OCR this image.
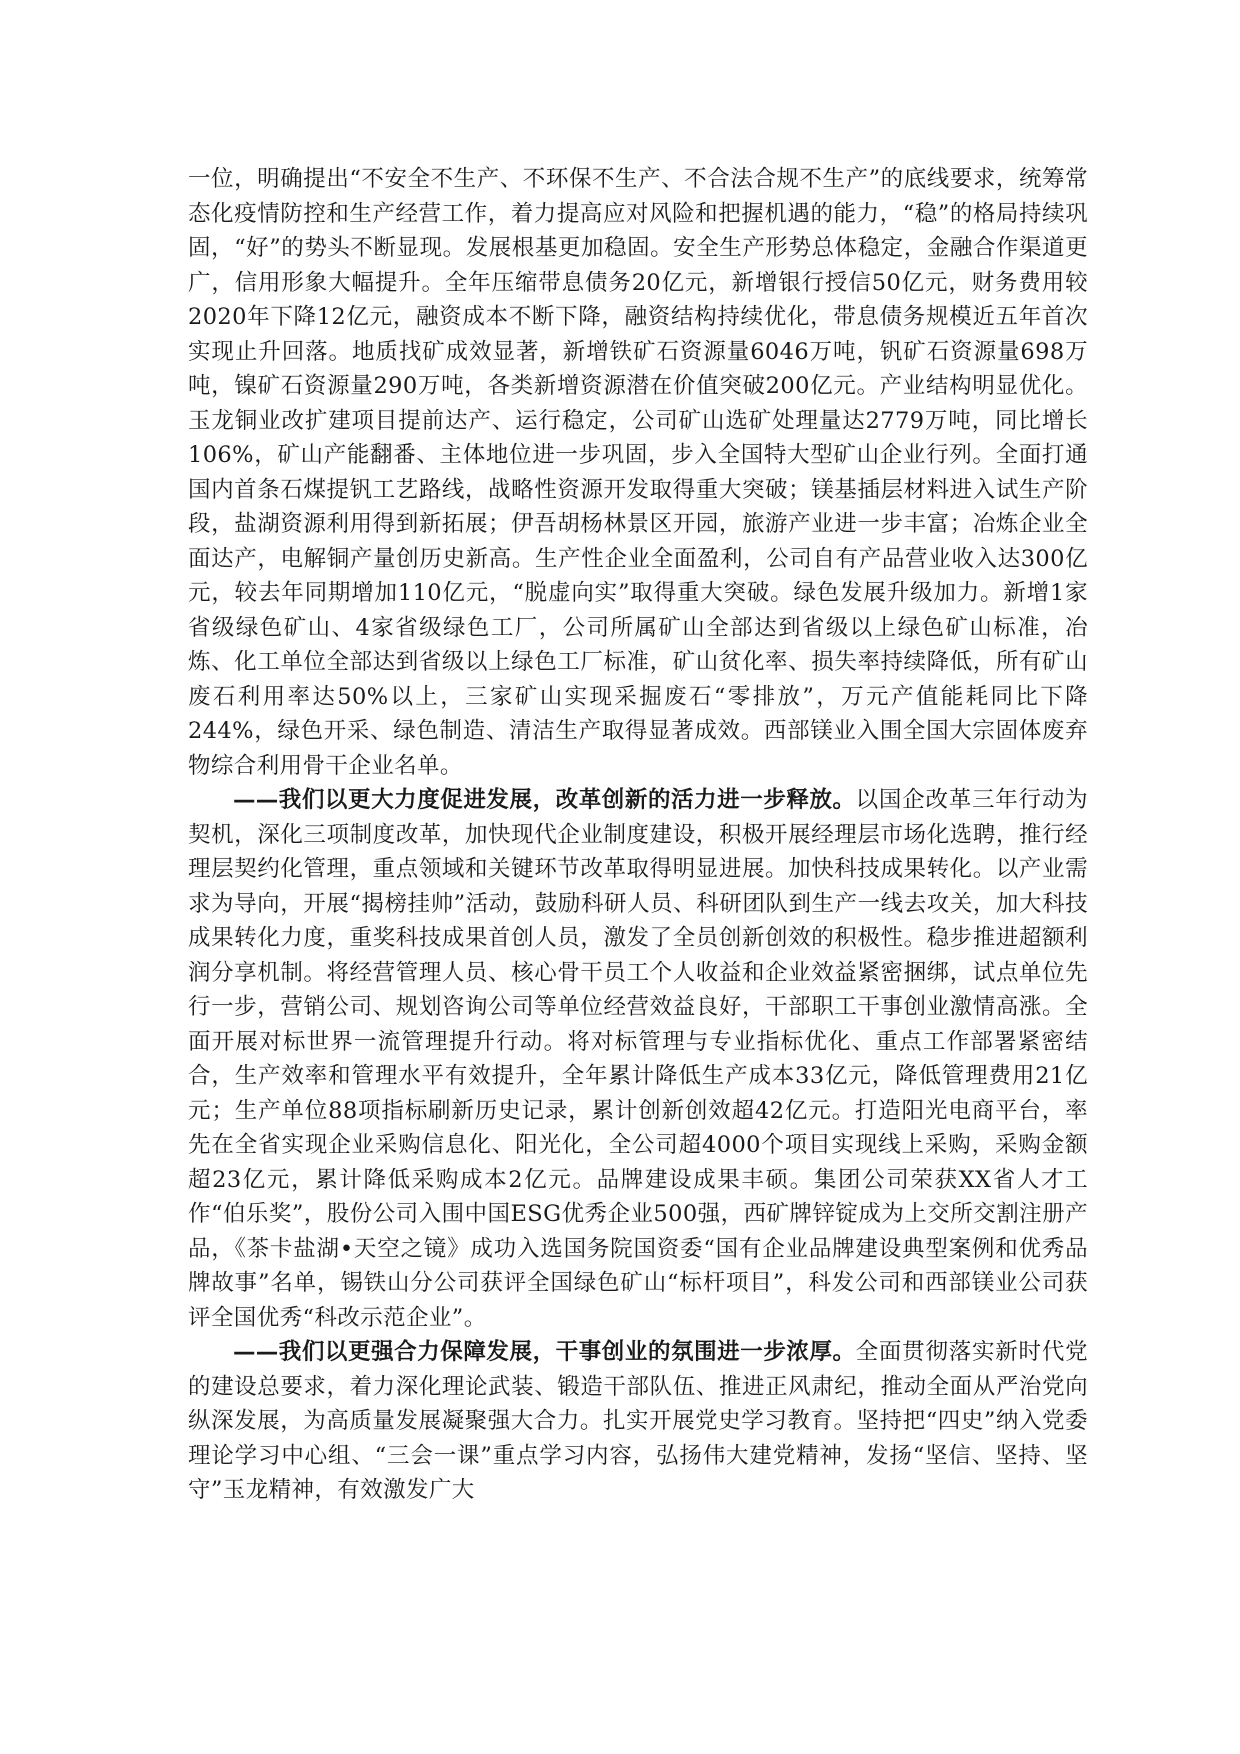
一位，明确提出“不安全不生产、不环保不生产、不合法合规不生产”的底线要求，统筹常态化疫情防控和生产经营工作，着力提高应对风险和把握机遇的能力，“稳”的格局持续巩固，“好”的势头不断显现。发展根基更加稳固。安全生产形势总体稳定，金融合作渠道更广，信用形象大幅提升。全年压缩带息债务20亿元，新增银行授信50亿元，财务费用较2020年下降12亿元，融资成本不断下降，融资结构持续优化，带息债务规模近五年首次实现止升回落。地质找矿成效显著，新增铁矿石资源量6046万吨，钒矿石资源量698万吨，镍矿石资源量290万吨，各类新增资源潜在价值突破200亿元。产业结构明显优化。玉龙铜业改扩建项目提前达产、运行稳定，公司矿山选矿处理量达2779万吨，同比增长106%，矿山产能翻番、主体地位进一步巩固，步入全国特大型矿山企业行列。全面打通国内首条石煤提钒工艺路线，战略性资源开发取得重大突破；镁基插层材料进入试生产阶段，盐湖资源利用得到新拓展；伊吾胡杨林景区开园，旅游产业进一步丰富；冶炼企业全面达产，电解铜产量创历史新高。生产性企业全面盈利，公司自有产品营业收入达300亿元，较去年同期增加110亿元，“脱虚向实”取得重大突破。绿色发展升级加力。新增1家省级绿色矿山、4家省级绿色工厂，公司所属矿山全部达到省级以上绿色矿山标准，冶炼、化工单位全部达到省级以上绿色工厂标准，矿山贫化率、损失率持续降低，所有矿山废石利用率达50%以上，三家矿山实现采掘废石“零排放”，万元产值能耗同比下降244%，绿色开采、绿色制造、清洁生产取得显著成效。西部镁业入围全国大宗固体废弃物综合利用骨干企业名单。

——我们以更大力度促进发展，改革创新的活力进一步释放。以国企改革三年行动为契机，深化三项制度改革，加快现代企业制度建设，积极开展经理层市场化选聘，推行经理层契约化管理，重点领域和关键环节改革取得明显进展。加快科技成果转化。以产业需求为导向，开展“揭榜挂帅”活动，鼓励科研人员、科研团队到生产一线去攻关，加大科技成果转化力度，重奖科技成果首创人员，激发了全员创新创效的积极性。稳步推进超额利润分享机制。将经营管理人员、核心骨干员工个人收益和企业效益紧密捆绑，试点单位先行一步，营销公司、规划咨询公司等单位经营效益良好，干部职工干事创业激情高涨。全面开展对标世界一流管理提升行动。将对标管理与专业指标优化、重点工作部署紧密结合，生产效率和管理水平有效提升，全年累计降低生产成本33亿元，降低管理费用21亿元；生产单位88项指标刷新历史记录，累计创新创效超42亿元。打造阳光电商平台，率先在全省实现企业采购信息化、阳光化，全公司超4000个项目实现线上采购，采购金额超23亿元，累计降低采购成本2亿元。品牌建设成果丰硕。集团公司荣获XX省人才工作“伯乐奖”，股份公司入围中国ESG优秀企业500强，西矿牌锌锭成为上交所交割注册产品，《茶卡盐湖•天空之镜》成功入选国务院国资委“国有企业品牌建设典型案例和优秀品牌故事”名单，锡铁山分公司获评全国绿色矿山“标杆项目”，科发公司和西部镁业公司获评全国优秀“科改示范企业”。

——我们以更强合力保障发展，干事创业的氛围进一步浓厚。全面贯彻落实新时代党的建设总要求，着力深化理论武装、锻造干部队伍、推进正风肃纪，推动全面从严治党向纵深发展，为高质量发展凝聚强大合力。扎实开展党史学习教育。坚持把“四史”纳入党委理论学习中心组、“三会一课”重点学习内容，弘扬伟大建党精神，发扬“坚信、坚持、坚守”玉龙精神，有效激发广大
